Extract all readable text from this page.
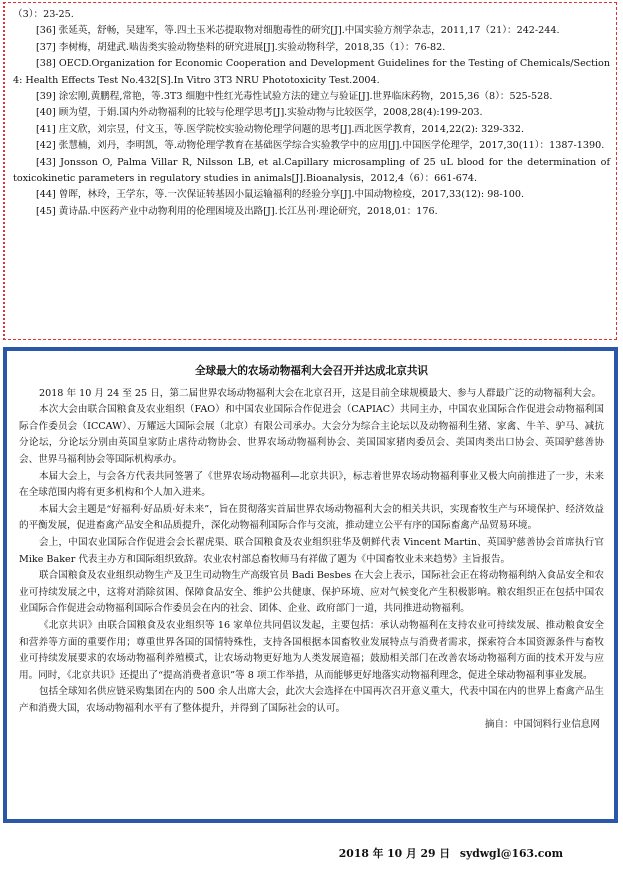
（3）：23-25.

[36] 张延英，舒畅，吴建军，等.四土玉米芯提取物对细胞毒性的研究[J].中国实验方剂学杂志，2011,17（21）：242-244.

[37] 李树梅，胡建武.啮齿类实验动物垫料的研究进展[J].实验动物科学，2018,35（1）：76-82.

[38] OECD.Organization for Economic Cooperation and Development Guidelines for the Testing of Chemicals/Section 4: Health Effects Test No.432[S].In Vitro 3T3 NRU Phototoxicity Test.2004.

[39] 涂宏刚,黄鹏程,常艳，等.3T3 细胞中性红光毒性试验方法的建立与验证[J].世界临床药物，2015,36（8）：525-528.

[40] 顾为望，于娟.国内外动物福利的比较与伦理学思考[J].实验动物与比较医学，2008,28(4):199-203.

[41] 庄文欣，刘宗昱，付文玉，等.医学院校实验动物伦理学问题的思考[J].西北医学教育，2014,22(2): 329-332.

[42] 张慧楠，刘丹，李明凯，等.动物伦理学教育在基础医学综合实验教学中的应用[J].中国医学伦理学，2017,30(11）：1387-1390.

[43] Jonsson O, Palma Villar R, Nilsson LB, et al.Capillary microsampling of 25 uL blood for the determination of toxicokinetic parameters in regulatory studies in animals[J].Bioanalysis，2012,4（6）：661-674.

[44] 曾晖，林玲，王学东，等.一次保证转基因小鼠运输福利的经验分享[J].中国动物检疫，2017,33(12): 98-100.

[45] 黄诗晶.中医药产业中动物利用的伦理困境及出路[J].长江丛刊·理论研究，2018,01：176.

全球最大的农场动物福利大会召开并达成北京共识

2018 年 10 月 24 至 25 日，第二届世界农场动物福利大会在北京召开，这是目前全球规模最大、参与人群最广泛的动物福利大会。

本次大会由联合国粮食及农业组织（FAO）和中国农业国际合作促进会（CAPIAC）共同主办，中国农业国际合作促进会动物福利国际合作委员会（ICCAW）、万耀远大国际会展（北京）有限公司承办。大会分为综合主论坛以及动物福利生猪、家禽、牛羊、驴马、减抗分论坛，分论坛分别由英国皇家防止虐待动物协会、世界农场动物福利协会、美国国家猪肉委员会、美国肉类出口协会、英国驴慈善协会、世界马福利协会等国际机构承办。

本届大会上，与会各方代表共同签署了《世界农场动物福利—北京共识》，标志着世界农场动物福利事业又极大向前推进了一步，未来在全球范围内将有更多机构和个人加入进来。

本届大会主题是“好福利·好品质·好未来”，旨在贯彻落实首届世界农场动物福利大会的相关共识，实现畜牧生产与环境保护、经济效益的平衡发展，促进畜禽产品安全和品质提升，深化动物福利国际合作与交流，推动建立公平有序的国际畜禽产品贸易环境。

会上，中国农业国际合作促进会会长翟虎渠、联合国粮食及农业组织驻华及朝鲜代表 Vincent Martin、英国驴慈善协会首席执行官 Mike Baker 代表主办方和国际组织致辞。农业农村部总畜牧师马有祥做了题为《中国畜牧业未来趋势》主旨报告。

联合国粮食及农业组织动物生产及卫生司动物生产高级官员 Badi Besbes 在大会上表示，国际社会正在将动物福利纳入食品安全和农业可持续发展之中，这将对消除贫困、保障食品安全、维护公共健康、保护环境、应对气候变化产生积极影响。粮农组织正在包括中国农业国际合作促进会动物福利国际合作委员会在内的社会、团体、企业、政府部门一道，共同推进动物福利。

《北京共识》由联合国粮食及农业组织等 16 家单位共同倡议发起，主要包括：承认动物福利在支持农业可持续发展、推动粮食安全和营养等方面的重要作用；尊重世界各国的国情特殊性，支持各国根据本国畜牧业发展特点与消费者需求，探索符合本国资源条件与畜牧业可持续发展要求的农场动物福利养殖模式，让农场动物更好地为人类发展造福；鼓励相关部门在改善农场动物福利方面的技术开发与应用。同时，《北京共识》还提出了“提高消费者意识”等 8 项工作举措，从而能够更好地落实动物福利理念，促进全球动物福利事业发展。

包括全球知名供应链采购集团在内的 500 余人出席大会，此次大会选择在中国再次召开意义重大，代表中国在内的世界上畜禽产品生产和消费大国，农场动物福利水平有了整体提升，并得到了国际社会的认可。

摘自：中国饲料行业信息网

2018 年 10 月 29 日 sydwgl@163.com
